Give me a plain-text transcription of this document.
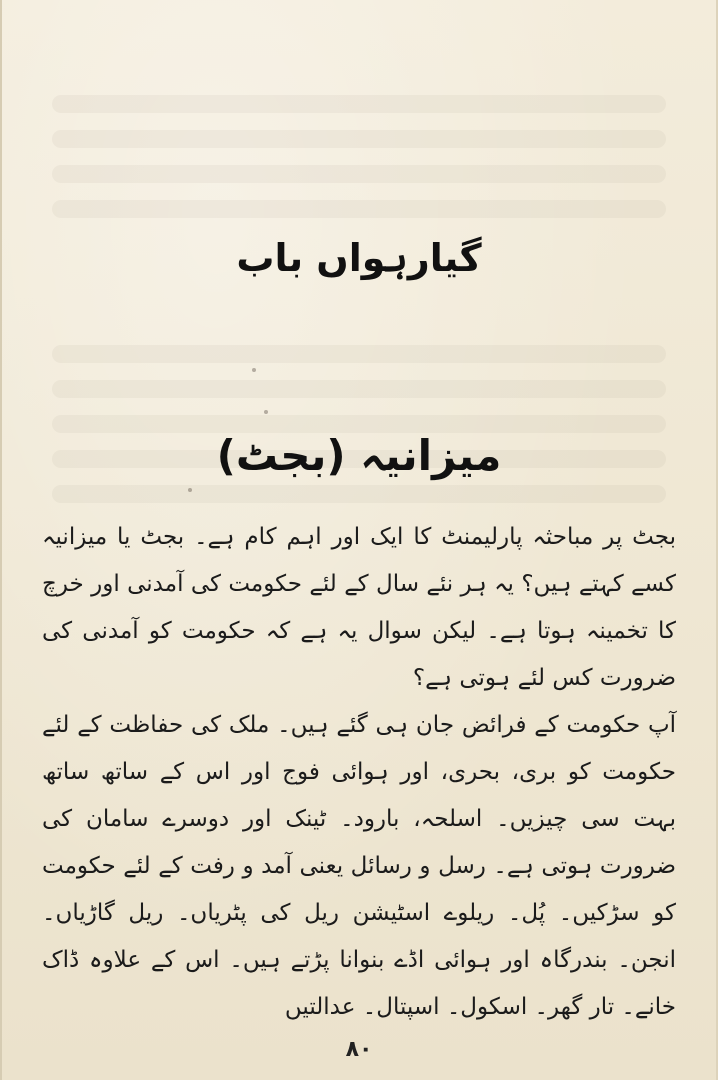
گیارہواں باب
میزانیہ (بجٹ)

بجٹ پر مباحثہ پارلیمنٹ کا ایک اور اہم کام ہے۔ بجٹ یا میزانیہ کسے کہتے ہیں؟ یہ ہر نئے سال کے لئے حکومت کی آمدنی اور خرچ کا تخمینہ ہوتا ہے۔ لیکن سوال یہ ہے کہ حکومت کو آمدنی کی ضرورت کس لئے ہوتی ہے؟

آپ حکومت کے فرائض جان ہی گئے ہیں۔ ملک کی حفاظت کے لئے حکومت کو بری، بحری، اور ہوائی فوج اور اس کے ساتھ ساتھ بہت سی چیزیں۔ اسلحہ، بارود۔ ٹینک اور دوسرے سامان کی ضرورت ہوتی ہے۔ رسل و رسائل یعنی آمد و رفت کے لئے حکومت کو سڑکیں۔ پُل۔ ریلوے اسٹیشن ریل کی پٹریاں۔ ریل گاڑیاں۔ انجن۔ بندرگاہ اور ہوائی اڈے بنوانا پڑتے ہیں۔ اس کے علاوہ ڈاک خانے۔ تار گھر۔ اسکول۔ اسپتال۔ عدالتیں

۸۰
